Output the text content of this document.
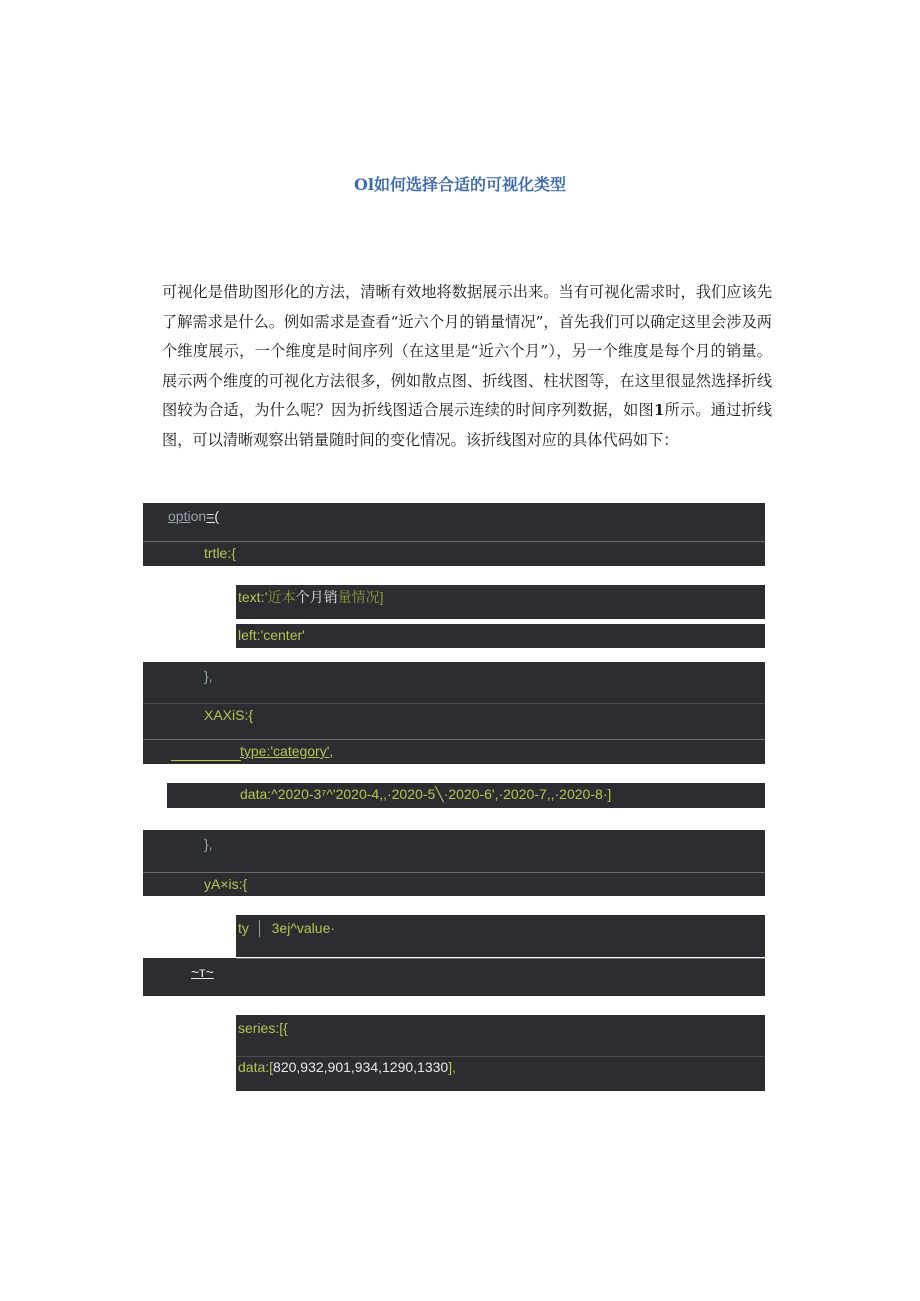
Ol如何选择合适的可视化类型

可视化是借助图形化的方法，清晰有效地将数据展示出来。当有可视化需求时，我们应该先了解需求是什么。例如需求是查看“近六个月的销量情况”，首先我们可以确定这里会涉及两个维度展示，一个维度是时间序列（在这里是“近六个月”），另一个维度是每个月的销量。展示两个维度的可视化方法很多，例如散点图、折线图、柱状图等，在这里很显然选择折线图较为合适，为什么呢？因为折线图适合展示连续的时间序列数据，如图1所示。通过折线图，可以清晰观察出销量随时间的变化情况。该折线图对应的具体代码如下：

option=(
trtle:{
text:’近本个月销量情况]
left:'center'
},
XAXiS:{
type:'category',
data:^2020-3⁷^'2020-4,,·2020-5╲·2020-6',·2020-7,,·2020-8·]
},
yA×is:{
ty │ 3ej^value·
~т~
series:[{
data:[820,932,901,934,1290,1330],
